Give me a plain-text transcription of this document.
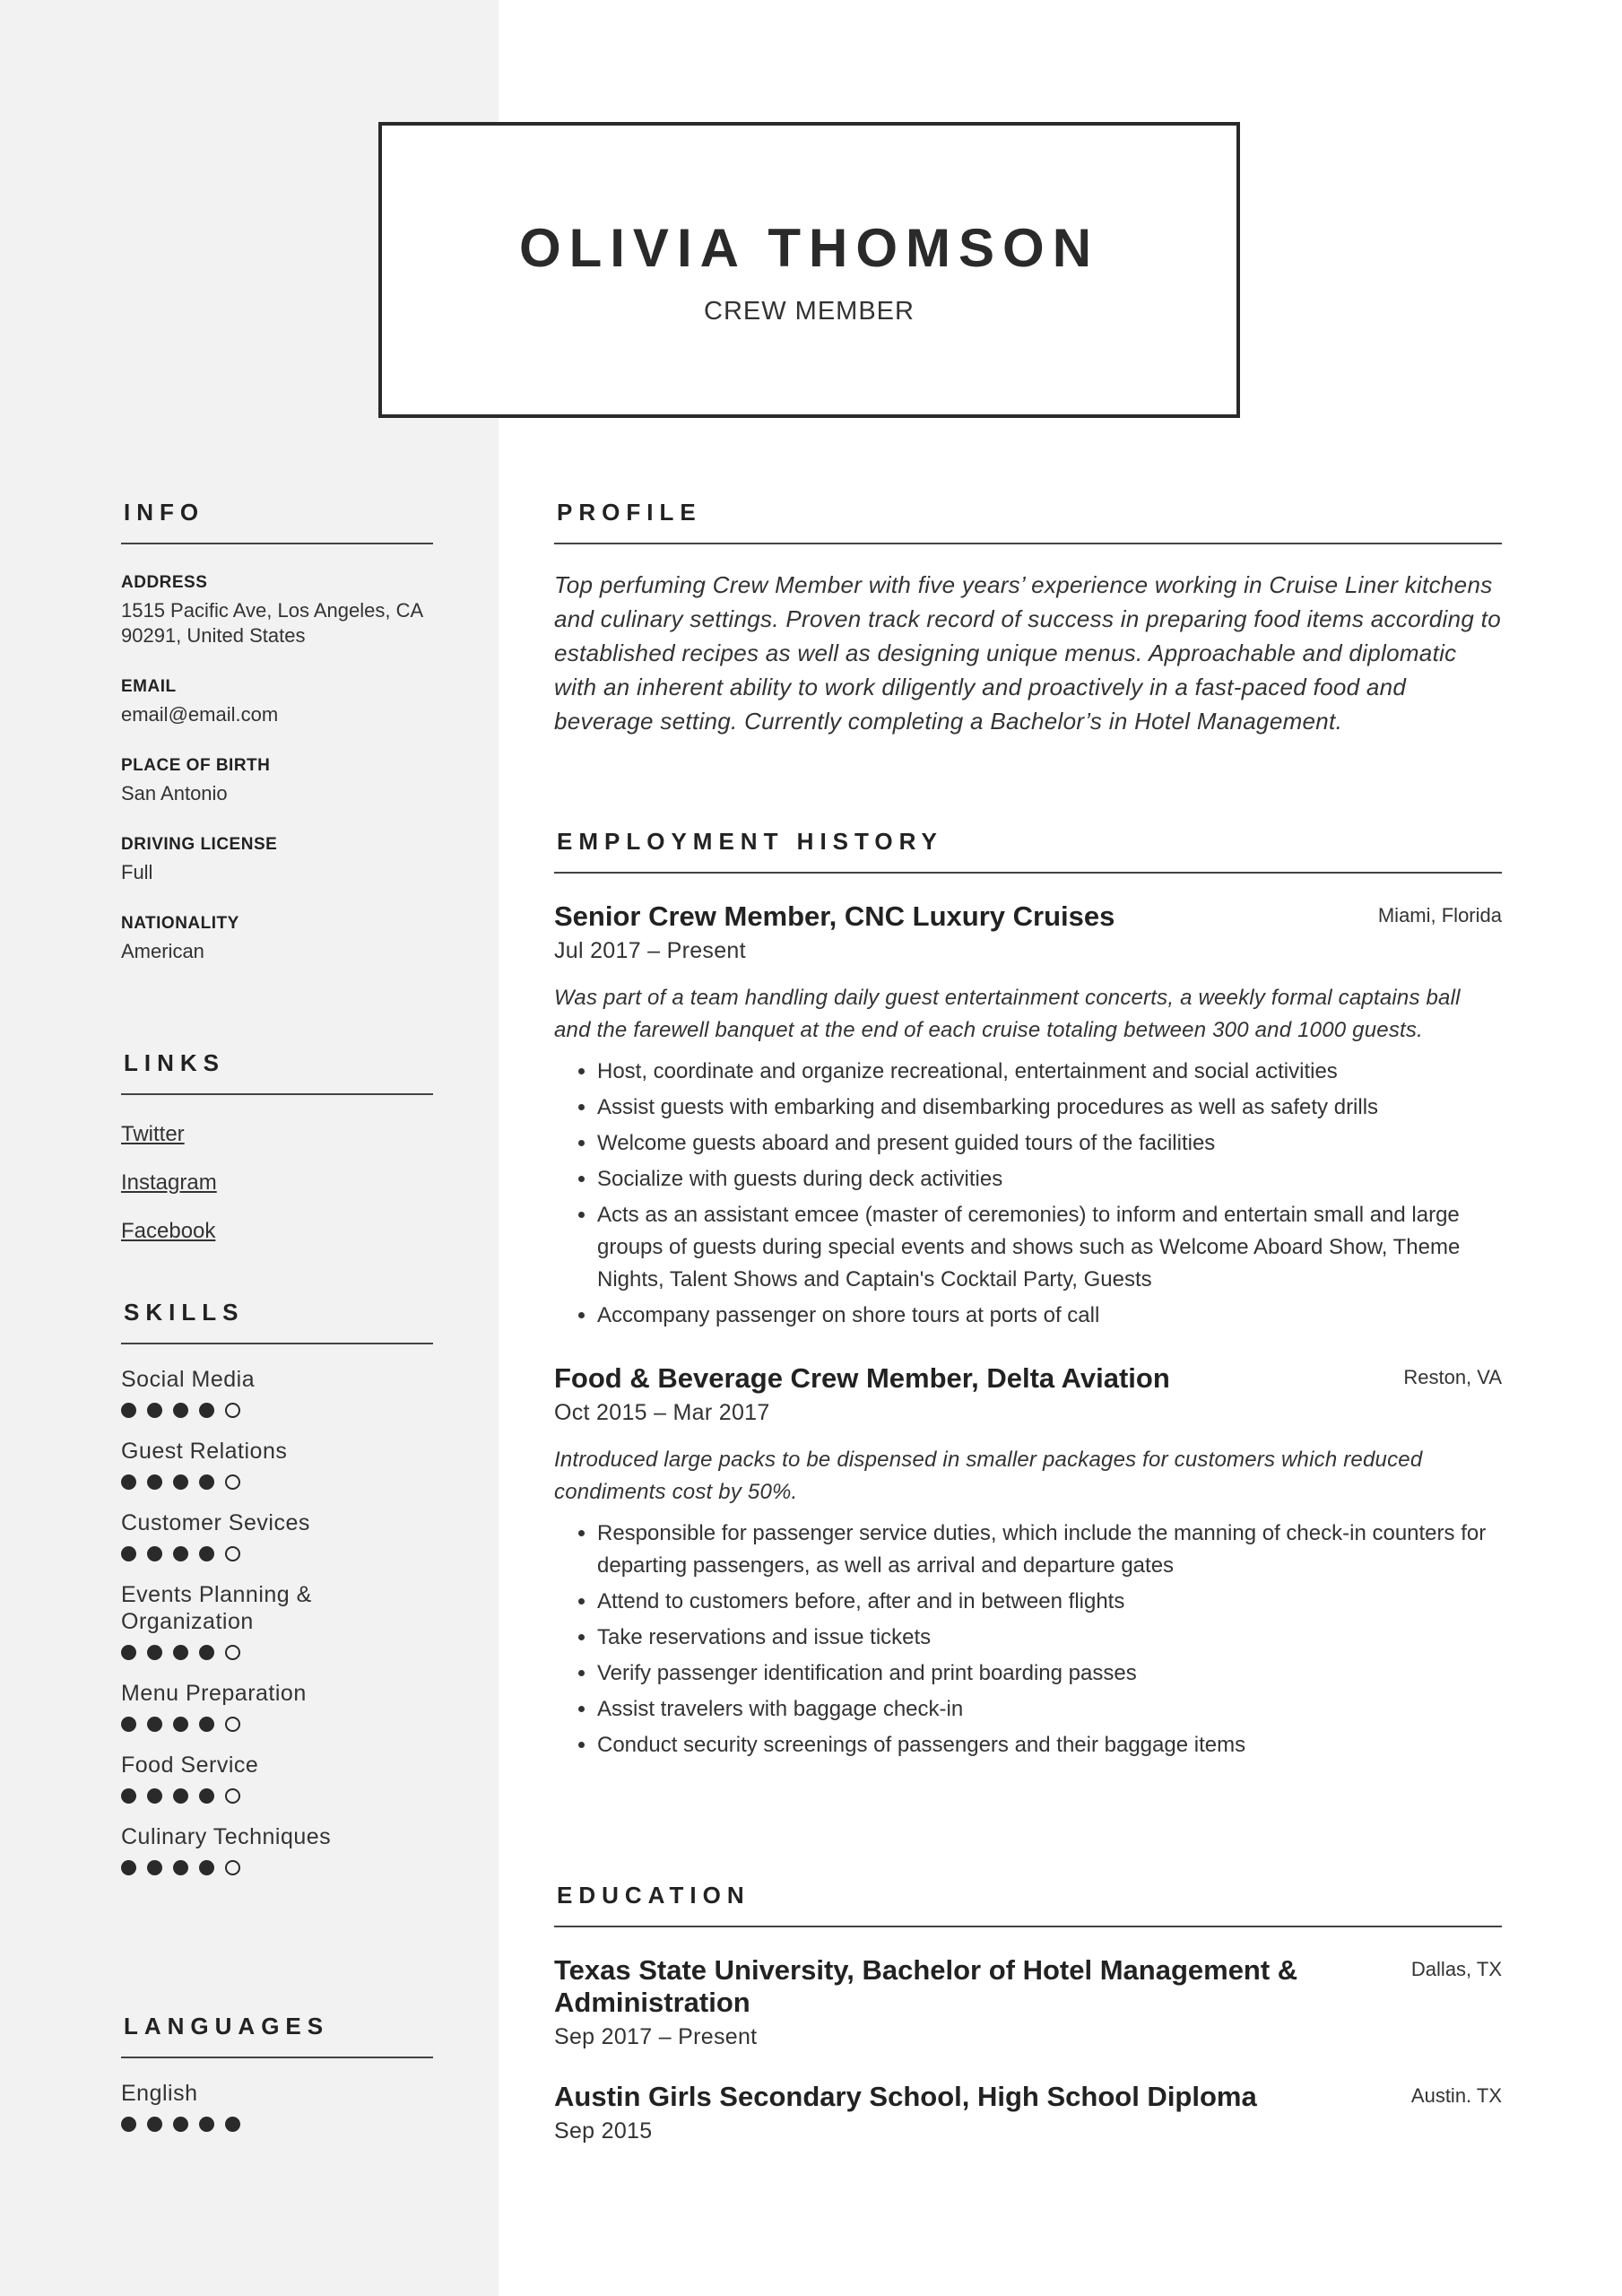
OLIVIA THOMSON
CREW MEMBER
INFO
ADDRESS
1515 Pacific Ave, Los Angeles, CA 90291, United States
EMAIL
email@email.com
PLACE OF BIRTH
San Antonio
DRIVING LICENSE
Full
NATIONALITY
American
LINKS
Twitter
Instagram
Facebook
SKILLS
Social Media
Guest Relations
Customer Sevices
Events Planning & Organization
Menu Preparation
Food Service
Culinary Techniques
LANGUAGES
English
PROFILE
Top perfuming Crew Member with five years’ experience working in Cruise Liner kitchens and culinary settings. Proven track record of success in preparing food items according to established recipes as well as designing unique menus. Approachable and diplomatic with an inherent ability to work diligently and proactively in a fast-paced food and beverage setting. Currently completing a Bachelor’s in Hotel Management.
EMPLOYMENT HISTORY
Senior Crew Member, CNC Luxury Cruises	Miami, Florida
Jul 2017 – Present
Was part of a team handling daily guest entertainment concerts, a weekly formal captains ball and the farewell banquet at the end of each cruise totaling between 300 and 1000 guests.
• Host, coordinate and organize recreational, entertainment and social activities
• Assist guests with embarking and disembarking procedures as well as safety drills
• Welcome guests aboard and present guided tours of the facilities
• Socialize with guests during deck activities
• Acts as an assistant emcee (master of ceremonies) to inform and entertain small and large groups of guests during special events and shows such as Welcome Aboard Show, Theme Nights, Talent Shows and Captain's Cocktail Party, Guests
• Accompany passenger on shore tours at ports of call
Food & Beverage Crew Member, Delta Aviation	Reston, VA
Oct 2015 – Mar 2017
Introduced large packs to be dispensed in smaller packages for customers which reduced condiments cost by 50%.
• Responsible for passenger service duties, which include the manning of check-in counters for departing passengers, as well as arrival and departure gates
• Attend to customers before, after and in between flights
• Take reservations and issue tickets
• Verify passenger identification and print boarding passes
• Assist travelers with baggage check-in
• Conduct security screenings of passengers and their baggage items
EDUCATION
Texas State University, Bachelor of Hotel Management & Administration
Dallas, TX
Sep 2017 – Present
Austin Girls Secondary School, High School Diploma	Austin. TX
Sep 2015
